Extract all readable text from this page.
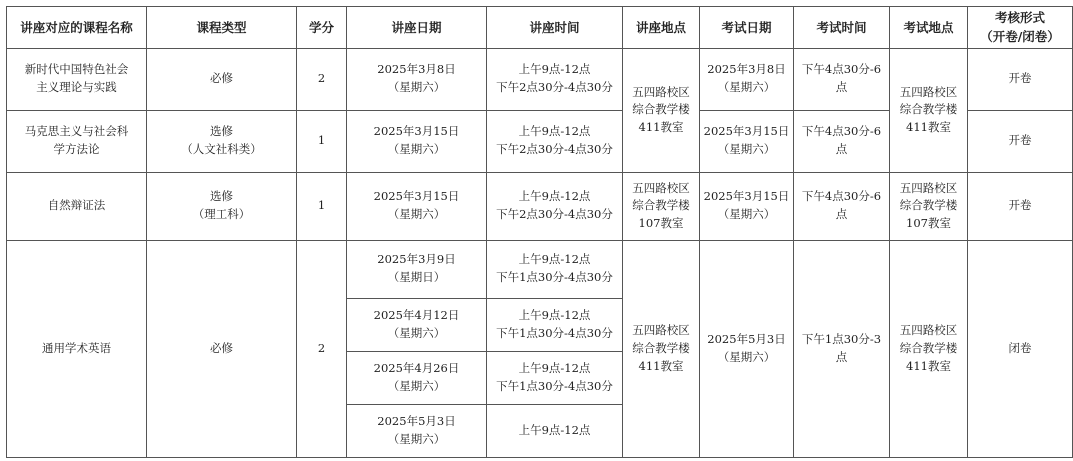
讲座对应的课程名称	课程类型	学分	讲座日期	讲座时间	讲座地点	考试日期	考试时间	考试地点	考核形式
（开卷/闭卷）

新时代中国特色社会
主义理论与实践	必修	2	2025年3月8日
（星期六）	上午9点-12点
下午2点30分-4点30分	五四路校区
综合教学楼
411教室	2025年3月8日
（星期六）	下午4点30分-6
点	五四路校区
综合教学楼
411教室	开卷

马克思主义与社会科
学方法论	选修
（人文社科类）	1	2025年3月15日
（星期六）	上午9点-12点
下午2点30分-4点30分		2025年3月15日
（星期六）	下午4点30分-6
点		开卷
自然辩证法	选修
（理工科）	1	2025年3月15日
（星期六）	上午9点-12点
下午2点30分-4点30分	五四路校区
综合教学楼
107教室	2025年3月15日
（星期六）	下午4点30分-6
点	五四路校区
综合教学楼
107教室	开卷
通用学术英语	必修	2	2025年3月9日
（星期日）	上午9点-12点
下午1点30分-4点30分	五四路校区
综合教学楼
411教室	2025年5月3日
（星期六）	下午1点30分-3
点	五四路校区
综合教学楼
411教室	闭卷

			2025年4月12日
（星期六）	上午9点-12点
下午1点30分-4点30分					

			2025年4月26日
（星期六）	上午9点-12点
下午1点30分-4点30分					

			2025年5月3日
（星期六）	上午9点-12点					
